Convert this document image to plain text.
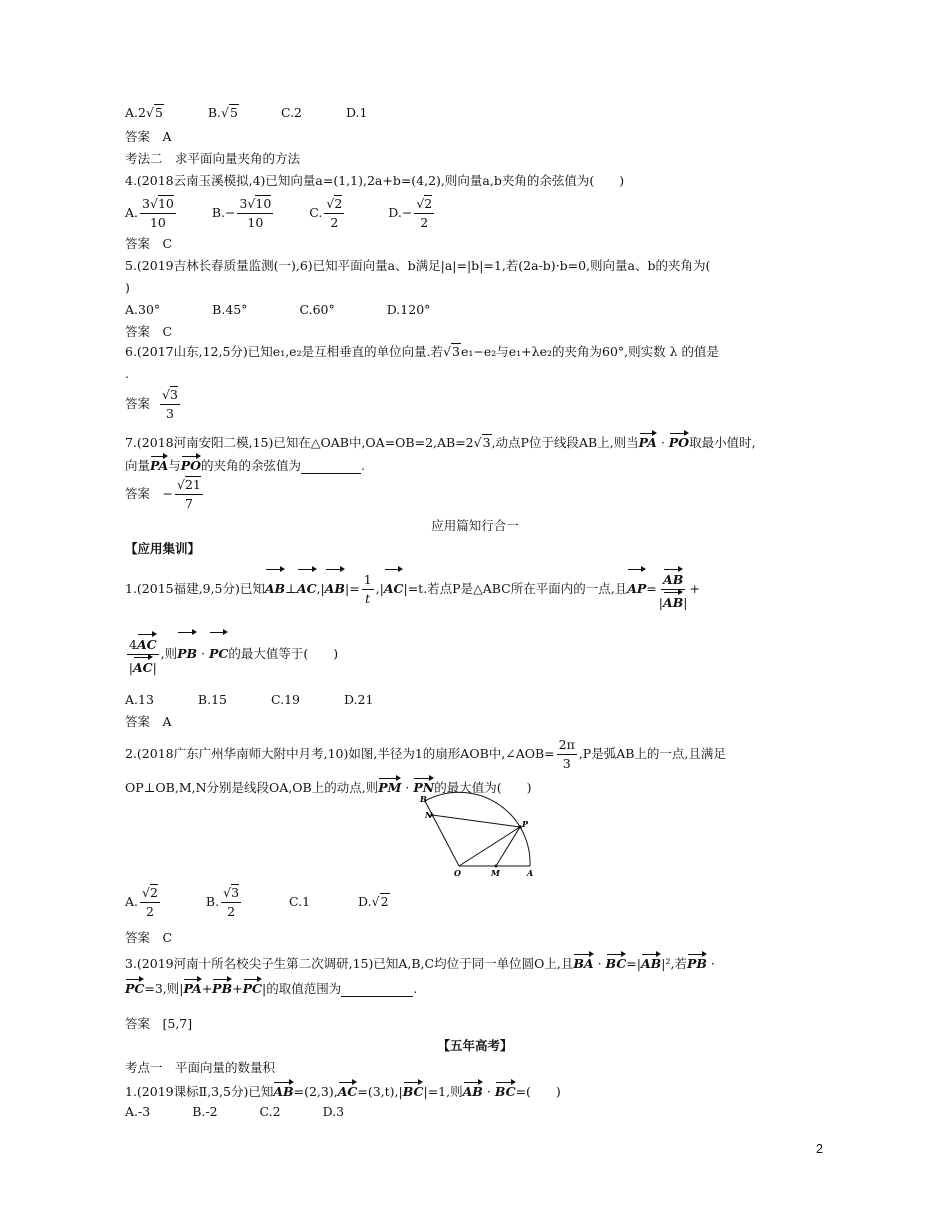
A.2√5	B.√5	C.2	D.1
答案　A
考法二　求平面向量夹角的方法
4.(2018云南玉溪模拟,4)已知向量a=(1,1),2a+b=(4,2),则向量a,b夹角的余弦值为(　　)
A. $\frac{3√10}{10}$	$B.- \frac{3√10}{10}$	C. $\frac{√2}{2}$	$D.- \frac{√2}{2}$
答案　C
5.(2019吉林长春质量监测(一),6)已知平面向量a、b满足|a|=|b|=1,若(2a-b)·b=0,则向量a、b的夹角为(
)
A.30°	B.45°	C.60°	D.120°
答案　C
6.(2017山东,12,5分)已知e₁,e₂是互相垂直的单位向量.若√3e₁−e₂与e₁+λe₂的夹角为60°,则实数 λ 的值是
.
答案 $\frac{√3}{3}$
7.(2018河南安阳二模,15)已知在△OAB中,OA=OB=2,AB=2√3,动点P位于线段AB上,则当PA · PO取最小值时,
向量PA与PO的夹角的余弦值为	.
答案　− $\frac{√21}{7}$
应用篇知行合一
【应用集训】
1.(2015福建,9,5分)已知AB⊥AC,|AB|= $\frac{1}{t} ,|AC|=t$.若点P是△ABC所在平面内的一点,且$AP= \frac{AB}{|AB|}$ +
$\frac{4AC}{|AC|}$ ,则PB · PC的最大值等于(　　)
A.13	B.15	C.19	D.21
答案　A
2.(2018广东广州华南师大附中月考,10)如图,半径为1的扇形AOB中,∠AOB= $\frac{2\pi}{3} ,P$是弧AB上的一点,且满足
OP⊥OB,M,N分别是线段OA,OB上的动点,则PM · PN的最大值为(　　)
B
N
P
O	M	A
A. $\frac{√2}{2}$	B. $\frac{√3}{2}$	C.1	D.√2
答案　C
3.(2019河南十所名校尖子生第二次调研,15)已知A,B,C均位于同一单位圆O上,且BA · BC=|AB|²,若PB ·
PC=3,则|PA+PB+PC|的取值范围为	.
答案　[5,7]
【五年高考】
考点一　平面向量的数量积
1.(2019课标Ⅱ,3,5分)已知AB=(2,3),AC=(3,t),|BC|=1,则AB · BC=(　　)
A.-3	B.-2	C.2	D.3
2
